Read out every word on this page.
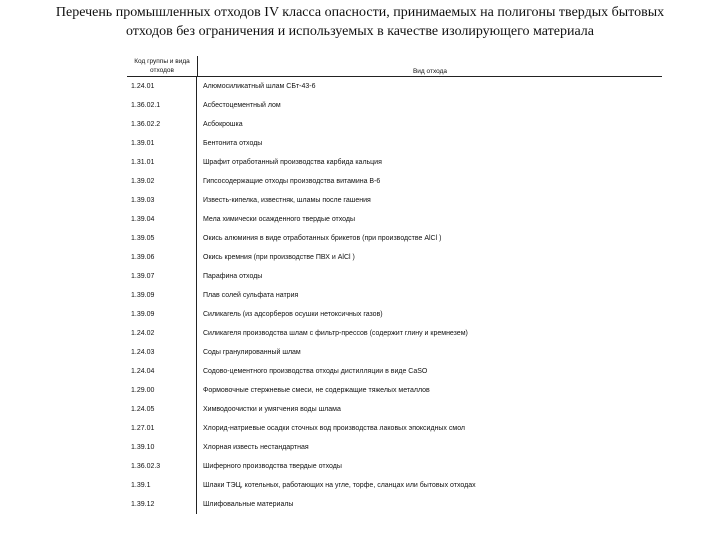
Перечень промышленных отходов IV класса опасности, принимаемых на полигоны твердых бытовых
отходов без ограничения и используемых в качестве изолирующего материала
Код группы и вида отходов	Вид отхода
1.24.01	Алюмосиликатный шлам СБт-43-6
1.36.02.1	Асбестоцементный лом
1.36.02.2	Асбокрошка
1.39.01	Бентонита отходы
1.31.01	Шрафит отработанный производства карбида кальция
1.39.02	Гипсосодержащие отходы производства витамина В-6
1.39.03	Известь-кипелка, известняк, шламы после гашения
1.39.04	Мела химически осажденного твердые отходы
1.39.05	Окись алюминия в виде отработанных брикетов (при производстве AlCl )
1.39.06	Окись кремния (при производстве ПВХ и AlCl )
1.39.07	Парафина отходы
1.39.09	Плав солей сульфата натрия
1.39.09	Силикагель (из адсорберов осушки нетоксичных газов)
1.24.02	Силикагеля производства шлам с фильтр-прессов (содержит глину и кремнезем)
1.24.03	Соды гранулированный шлам
1.24.04	Содово-цементного производства отходы дистилляции в виде CaSO
1.29.00	Формовочные стержневые смеси, не содержащие тяжелых металлов
1.24.05	Химводоочистки и умягчения воды шлама
1.27.01	Хлорид-натриевые осадки сточных вод производства лаковых эпоксидных смол
1.39.10	Хлорная известь нестандартная
1.36.02.3	Шиферного производства твердые отходы
1.39.1	Шлаки ТЭЦ, котельных, работающих на угле, торфе, сланцах или бытовых отходах
1.39.12	Шлифовальные материалы
